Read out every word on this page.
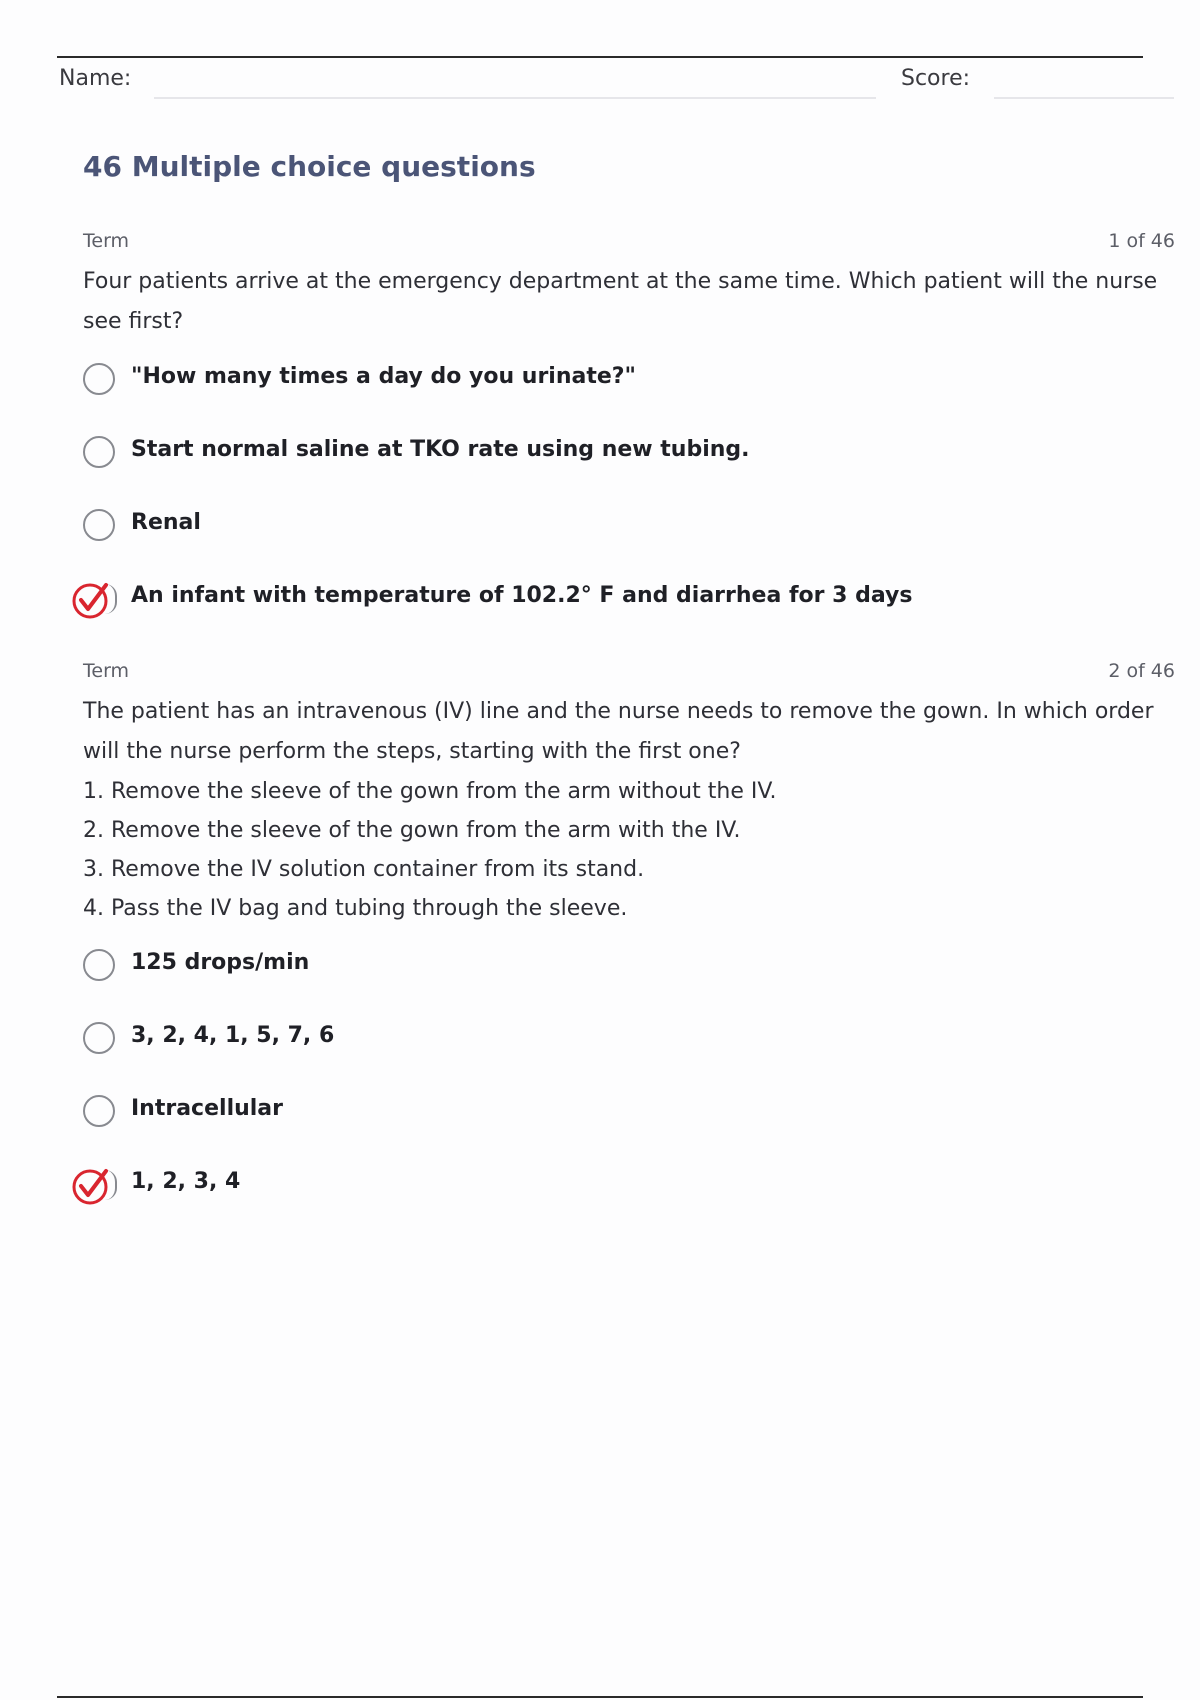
Name:	Score:
46 Multiple choice questions
Term	1 of 46
Four patients arrive at the emergency department at the same time. Which patient will the nurse see first?
"How many times a day do you urinate?"
Start normal saline at TKO rate using new tubing.
Renal
An infant with temperature of 102.2° F and diarrhea for 3 days
Term	2 of 46
The patient has an intravenous (IV) line and the nurse needs to remove the gown. In which order will the nurse perform the steps, starting with the first one?
1. Remove the sleeve of the gown from the arm without the IV.
2. Remove the sleeve of the gown from the arm with the IV.
3. Remove the IV solution container from its stand.
4. Pass the IV bag and tubing through the sleeve.
125 drops/min
3, 2, 4, 1, 5, 7, 6
Intracellular
1, 2, 3, 4
